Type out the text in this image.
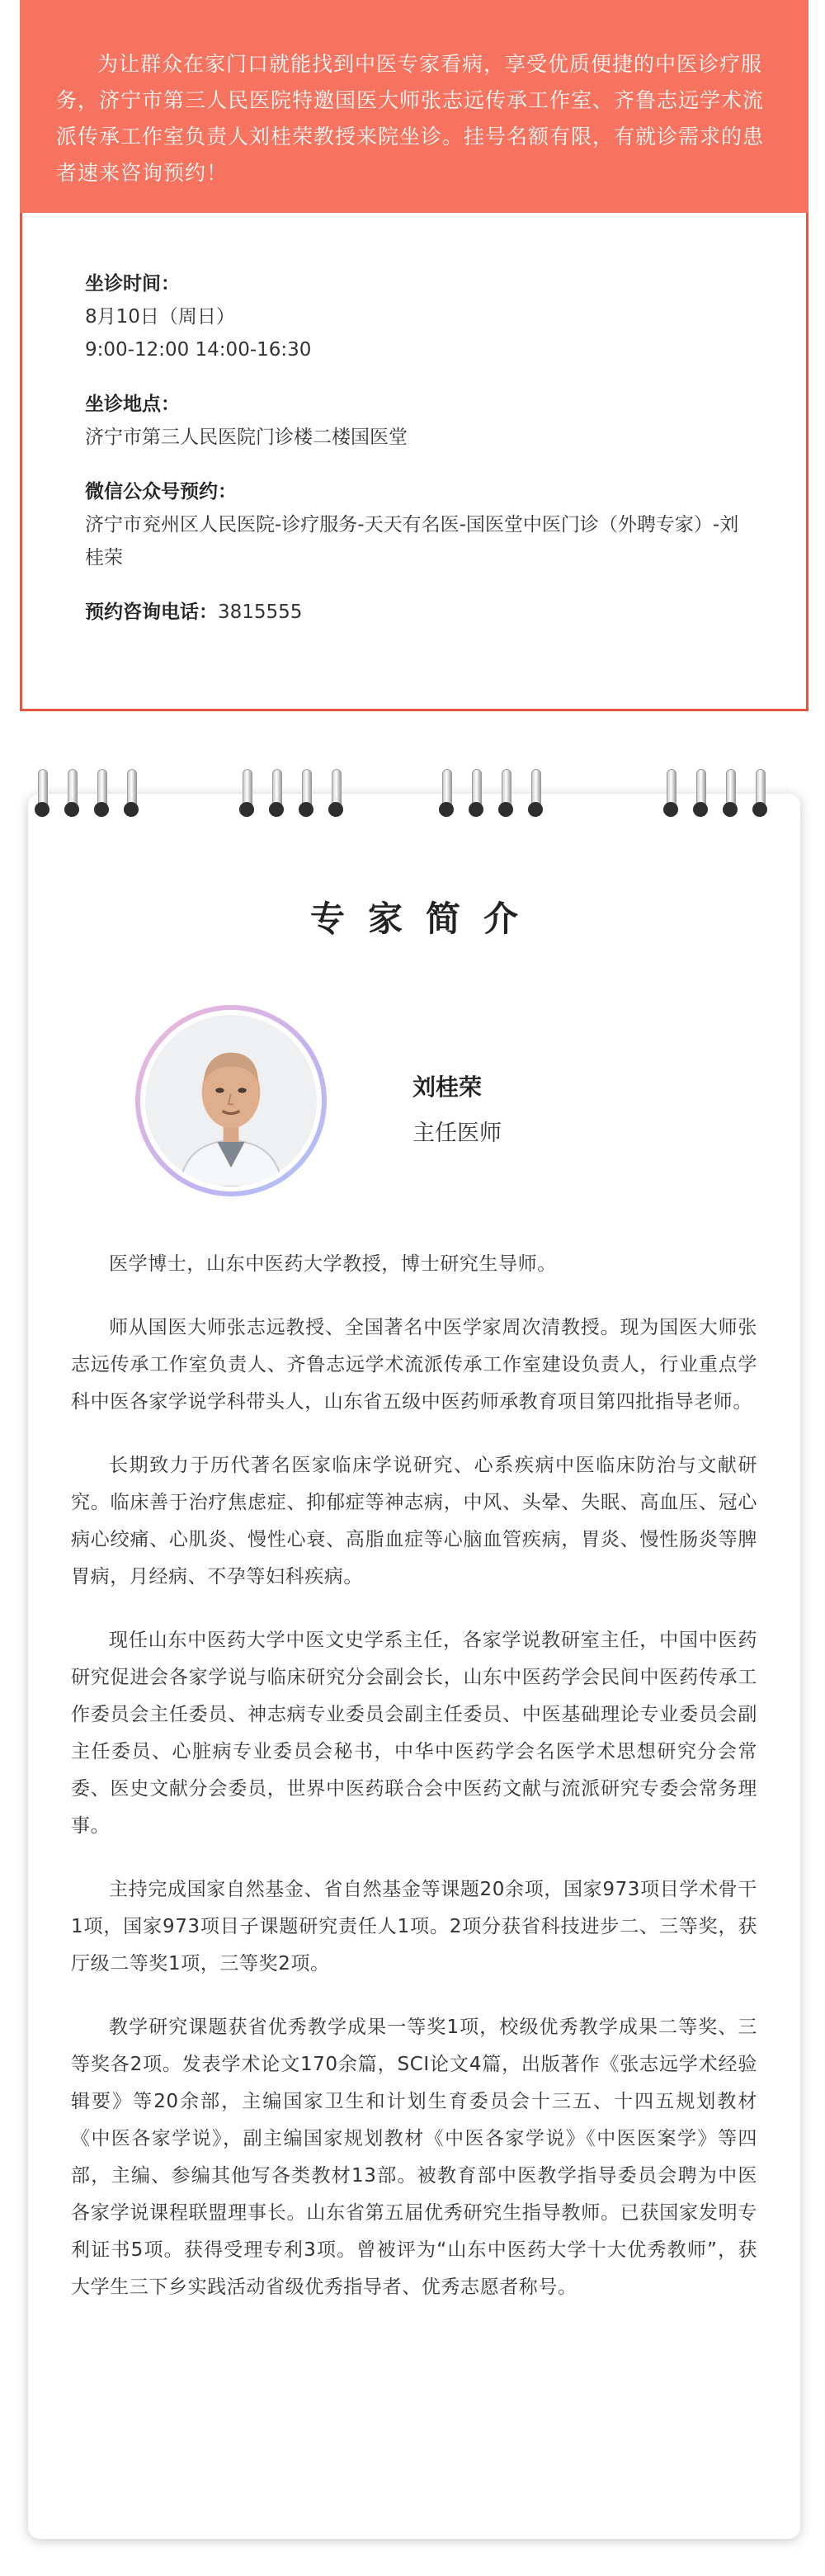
为让群众在家门口就能找到中医专家看病，享受优质便捷的中医诊疗服务，济宁市第三人民医院特邀国医大师张志远传承工作室、齐鲁志远学术流派传承工作室负责人刘桂荣教授来院坐诊。挂号名额有限，有就诊需求的患者速来咨询预约！

坐诊时间：
8月10日（周日）
9:00-12:00 14:00-16:30
坐诊地点：
济宁市第三人民医院门诊楼二楼国医堂
微信公众号预约：
济宁市兖州区人民医院-诊疗服务-天天有名医-国医堂中医门诊（外聘专家）-刘桂荣
预约咨询电话：3815555
专家简介
刘桂荣
主任医师

医学博士，山东中医药大学教授，博士研究生导师。

师从国医大师张志远教授、全国著名中医学家周次清教授。现为国医大师张志远传承工作室负责人、齐鲁志远学术流派传承工作室建设负责人，行业重点学科中医各家学说学科带头人，山东省五级中医药师承教育项目第四批指导老师。

长期致力于历代著名医家临床学说研究、心系疾病中医临床防治与文献研究。临床善于治疗焦虑症、抑郁症等神志病，中风、头晕、失眠、高血压、冠心病心绞痛、心肌炎、慢性心衰、高脂血症等心脑血管疾病，胃炎、慢性肠炎等脾胃病，月经病、不孕等妇科疾病。

现任山东中医药大学中医文史学系主任，各家学说教研室主任，中国中医药研究促进会各家学说与临床研究分会副会长，山东中医药学会民间中医药传承工作委员会主任委员、神志病专业委员会副主任委员、中医基础理论专业委员会副主任委员、心脏病专业委员会秘书，中华中医药学会名医学术思想研究分会常委、医史文献分会委员，世界中医药联合会中医药文献与流派研究专委会常务理事。

主持完成国家自然基金、省自然基金等课题20余项，国家973项目学术骨干1项，国家973项目子课题研究责任人1项。2项分获省科技进步二、三等奖，获厅级二等奖1项，三等奖2项。

教学研究课题获省优秀教学成果一等奖1项，校级优秀教学成果二等奖、三等奖各2项。发表学术论文170余篇，SCI论文4篇，出版著作《张志远学术经验辑要》等20余部，主编国家卫生和计划生育委员会十三五、十四五规划教材《中医各家学说》，副主编国家规划教材《中医各家学说》《中医医案学》等四部，主编、参编其他写各类教材13部。被教育部中医教学指导委员会聘为中医各家学说课程联盟理事长。山东省第五届优秀研究生指导教师。已获国家发明专利证书5项。获得受理专利3项。曾被评为“山东中医药大学十大优秀教师”，获大学生三下乡实践活动省级优秀指导者、优秀志愿者称号。
